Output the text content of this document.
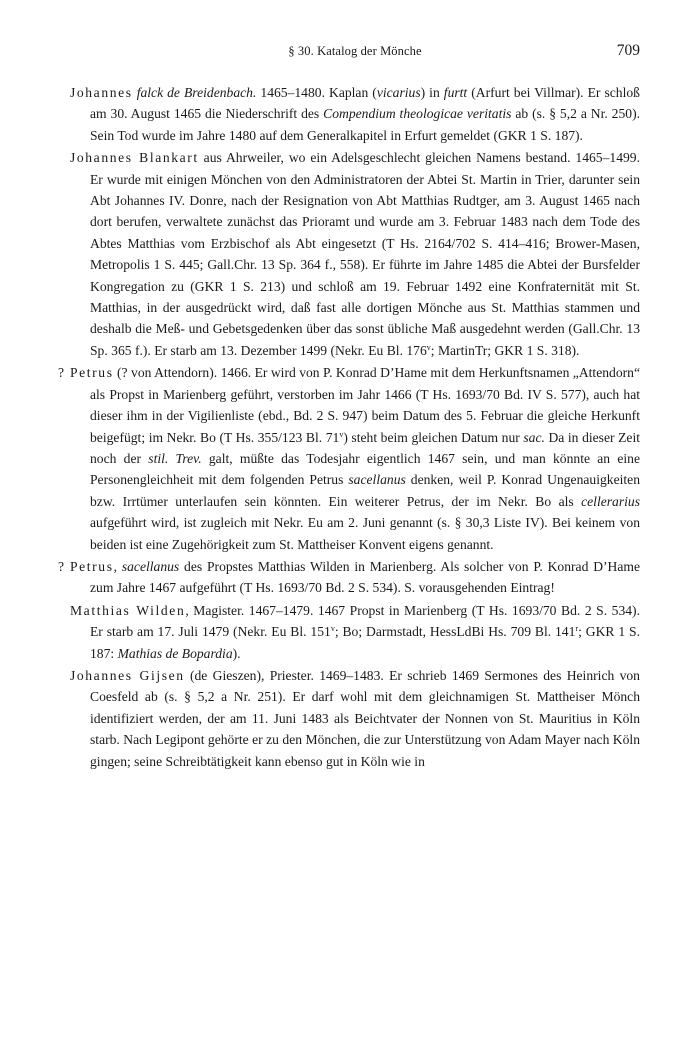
§ 30. Katalog der Mönche	709

Johannes falck de Breidenbach. 1465–1480. Kaplan (vicarius) in furtt (Arfurt bei Villmar). Er schloß am 30. August 1465 die Niederschrift des Compendium theologicae veritatis ab (s. § 5,2 a Nr. 250). Sein Tod wurde im Jahre 1480 auf dem Generalkapitel in Erfurt gemeldet (GKR 1 S. 187).

Johannes Blankart aus Ahrweiler, wo ein Adelsgeschlecht gleichen Namens bestand. 1465–1499. Er wurde mit einigen Mönchen von den Administratoren der Abtei St. Martin in Trier, darunter sein Abt Johannes IV. Donre, nach der Resignation von Abt Matthias Rudtger, am 3. August 1465 nach dort berufen, verwaltete zunächst das Prioramt und wurde am 3. Februar 1483 nach dem Tode des Abtes Matthias vom Erzbischof als Abt eingesetzt (T Hs. 2164/702 S. 414–416; Brower-Masen, Metropolis 1 S. 445; Gall.Chr. 13 Sp. 364 f., 558). Er führte im Jahre 1485 die Abtei der Bursfelder Kongregation zu (GKR 1 S. 213) und schloß am 19. Februar 1492 eine Konfraternität mit St. Matthias, in der ausgedrückt wird, daß fast alle dortigen Mönche aus St. Matthias stammen und deshalb die Meß- und Gebetsgedenken über das sonst übliche Maß ausgedehnt werden (Gall.Chr. 13 Sp. 365 f.). Er starb am 13. Dezember 1499 (Nekr. Eu Bl. 176$^v$; MartinTr; GKR 1 S. 318).

? Petrus (? von Attendorn). 1466. Er wird von P. Konrad D’Hame mit dem Herkunftsnamen „Attendorn“ als Propst in Marienberg geführt, verstorben im Jahr 1466 (T Hs. 1693/70 Bd. IV S. 577), auch hat dieser ihm in der Vigilienliste (ebd., Bd. 2 S. 947) beim Datum des 5. Februar die gleiche Herkunft beigefügt; im Nekr. Bo (T Hs. 355/123 Bl. 71$^v$) steht beim gleichen Datum nur sac. Da in dieser Zeit noch der stil. Trev. galt, müßte das Todesjahr eigentlich 1467 sein, und man könnte an eine Personengleichheit mit dem folgenden Petrus sacellanus denken, weil P. Konrad Ungenauigkeiten bzw. Irrtümer unterlaufen sein könnten. Ein weiterer Petrus, der im Nekr. Bo als cellerarius aufgeführt wird, ist zugleich mit Nekr. Eu am 2. Juni genannt (s. § 30,3 Liste IV). Bei keinem von beiden ist eine Zugehörigkeit zum St. Mattheiser Konvent eigens genannt.

? Petrus, sacellanus des Propstes Matthias Wilden in Marienberg. Als solcher von P. Konrad D’Hame zum Jahre 1467 aufgeführt (T Hs. 1693/70 Bd. 2 S. 534). S. vorausgehenden Eintrag!

Matthias Wilden, Magister. 1467–1479. 1467 Propst in Marienberg (T Hs. 1693/70 Bd. 2 S. 534). Er starb am 17. Juli 1479 (Nekr. Eu Bl. 151$^v$; Bo; Darmstadt, HessLdBi Hs. 709 Bl. 141$^r$; GKR 1 S. 187: Mathias de Bopardia).

Johannes Gijsen (de Gieszen), Priester. 1469–1483. Er schrieb 1469 Sermones des Heinrich von Coesfeld ab (s. § 5,2 a Nr. 251). Er darf wohl mit dem gleichnamigen St. Mattheiser Mönch identifiziert werden, der am 11. Juni 1483 als Beichtvater der Nonnen von St. Mauritius in Köln starb. Nach Legipont gehörte er zu den Mönchen, die zur Unterstützung von Adam Mayer nach Köln gingen; seine Schreibtätigkeit kann ebenso gut in Köln wie in
